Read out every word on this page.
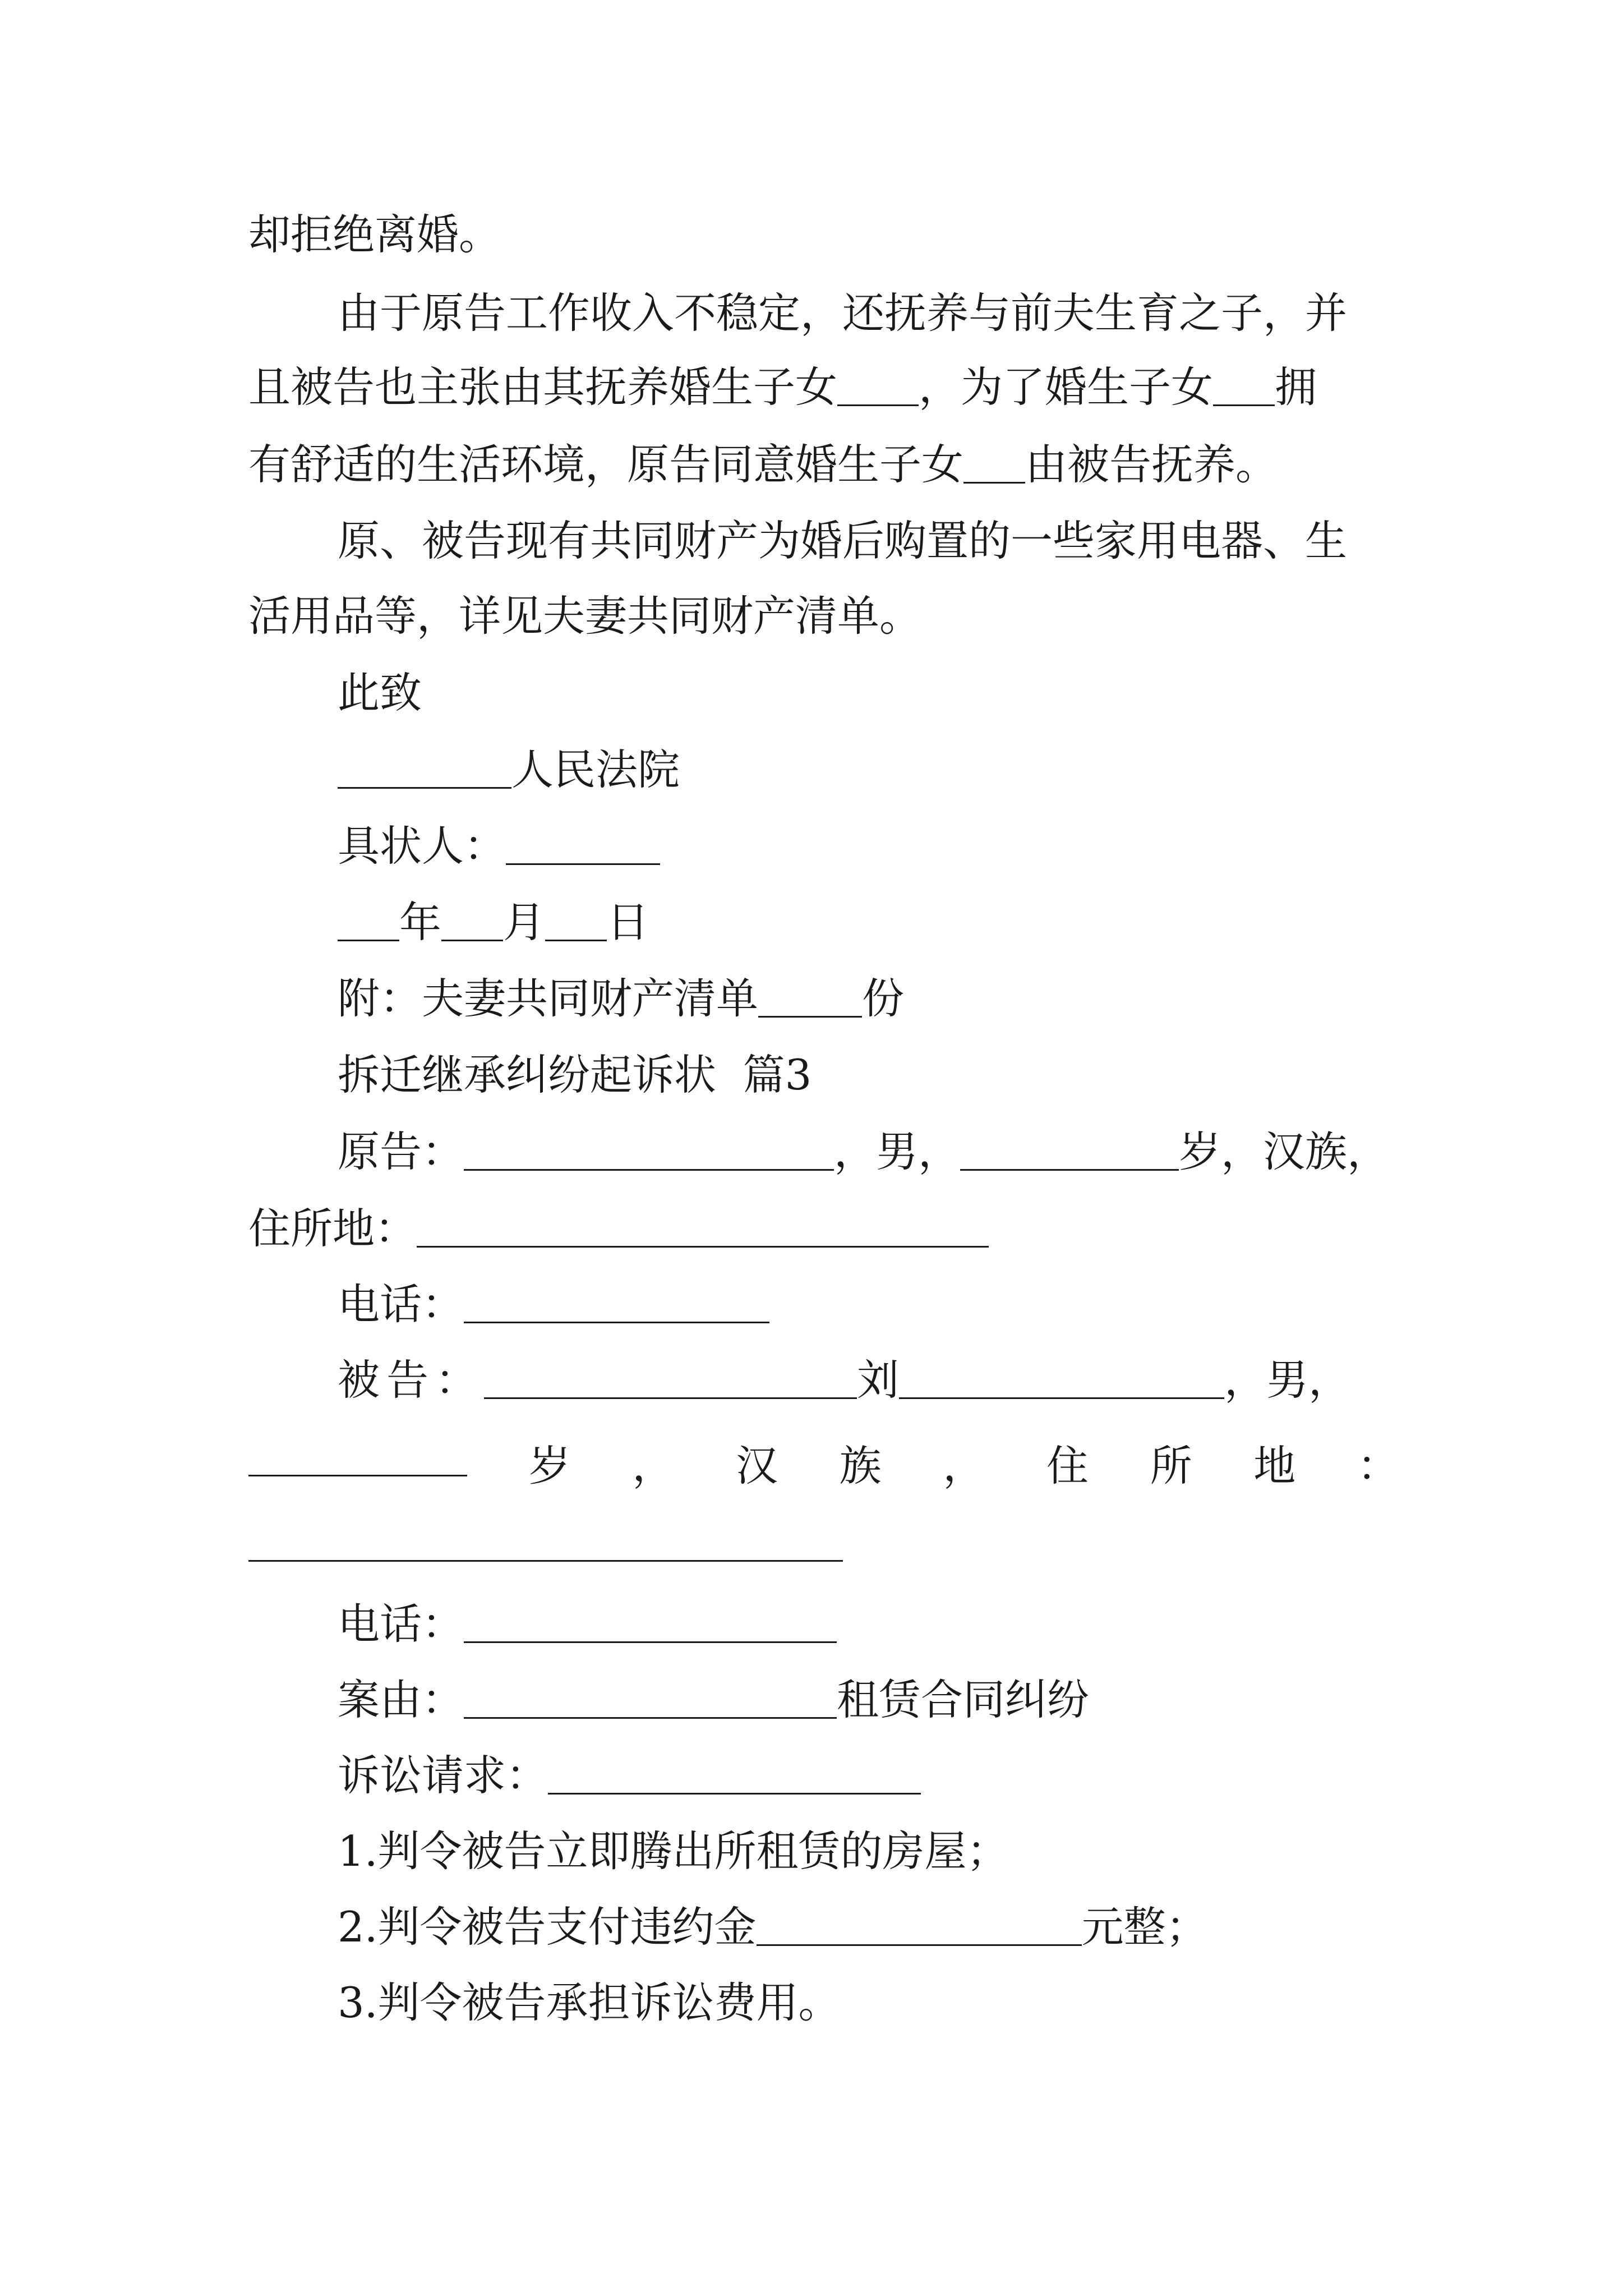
却拒绝离婚。
由于原告工作收入不稳定，还抚养与前夫生育之子，并
且被告也主张由其抚养婚生子女 ，为了婚生子女 拥
有舒适的生活环境，原告同意婚生子女 由被告抚养。
原、被告现有共同财产为婚后购置的一些家用电器、生
活用品等，详见夫妻共同财产清单。
此致
人民法院
具状人：
年 月 日
附：夫妻共同财产清单 份
拆迁继承纠纷起诉状  篇3
原告：	，男，	岁，汉族，
住所地：
电话：
被告：	刘	，男，
岁 ， 汉 族 ， 住 所 地 ：
电话：
案由：	租赁合同纠纷
诉讼请求：
1.判令被告立即腾出所租赁的房屋；
2.判令被告支付违约金	元整；
3.判令被告承担诉讼费用。
